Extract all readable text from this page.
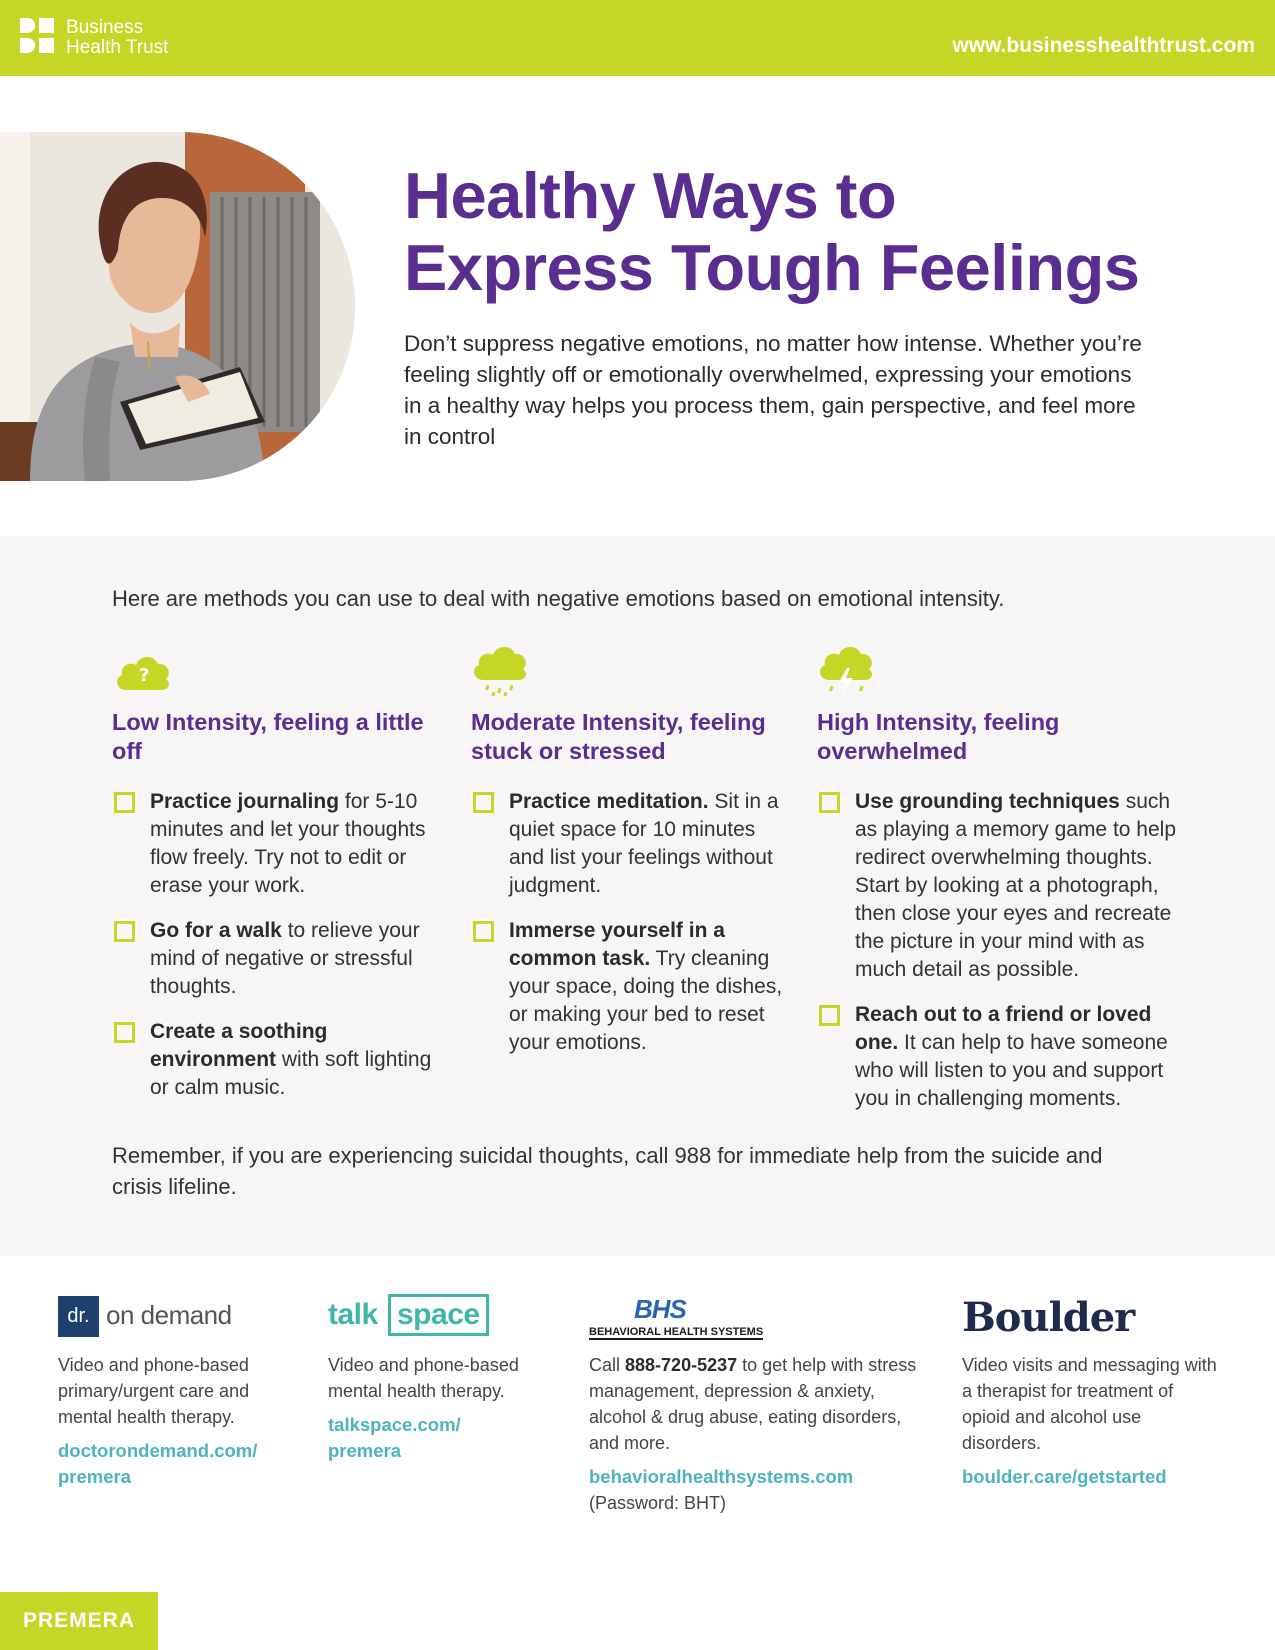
Business
Health Trust	www.businesshealthtrust.com
Healthy Ways to
Express Tough Feelings

Don’t suppress negative emotions, no matter how intense. Whether you’re feeling slightly off or emotionally overwhelmed, expressing your emotions in a healthy way helps you process them, gain perspective, and feel more in control

Here are methods you can use to deal with negative emotions based on emotional intensity.
?
Low Intensity, feeling a little off
Practice journaling for 5-10 minutes and let your thoughts flow freely. Try not to edit or erase your work.
Go for a walk to relieve your mind of negative or stressful thoughts.
Create a soothing environment with soft lighting or calm music.
Moderate Intensity, feeling stuck or stressed
Practice meditation. Sit in a quiet space for 10 minutes and list your feelings without judgment.
Immerse yourself in a common task. Try cleaning your space, doing the dishes, or making your bed to reset your emotions.
High Intensity, feeling overwhelmed
Use grounding techniques such as playing a memory game to help redirect overwhelming thoughts. Start by looking at a photograph, then close your eyes and recreate the picture in your mind with as much detail as possible.
Reach out to a friend or loved one. It can help to have someone who will listen to you and support you in challenging moments.

Remember, if you are experiencing suicidal thoughts, call 988 for immediate help from the suicide and crisis lifeline.

dr. on demand

Video and phone-based primary/urgent care and mental health therapy.

doctorondemand.com/
premera
talk space

Video and phone-based mental health therapy.

talkspace.com/
premera
BHS
BEHAVIORAL HEALTH SYSTEMS

Call 888-720-5237 to get help with stress management, depression & anxiety, alcohol & drug abuse, eating disorders, and more.

behavioralhealthsystems.com
(Password: BHT)
Boulder

Video visits and messaging with a therapist for treatment of opioid and alcohol use disorders.

boulder.care/getstarted
PREMERA
